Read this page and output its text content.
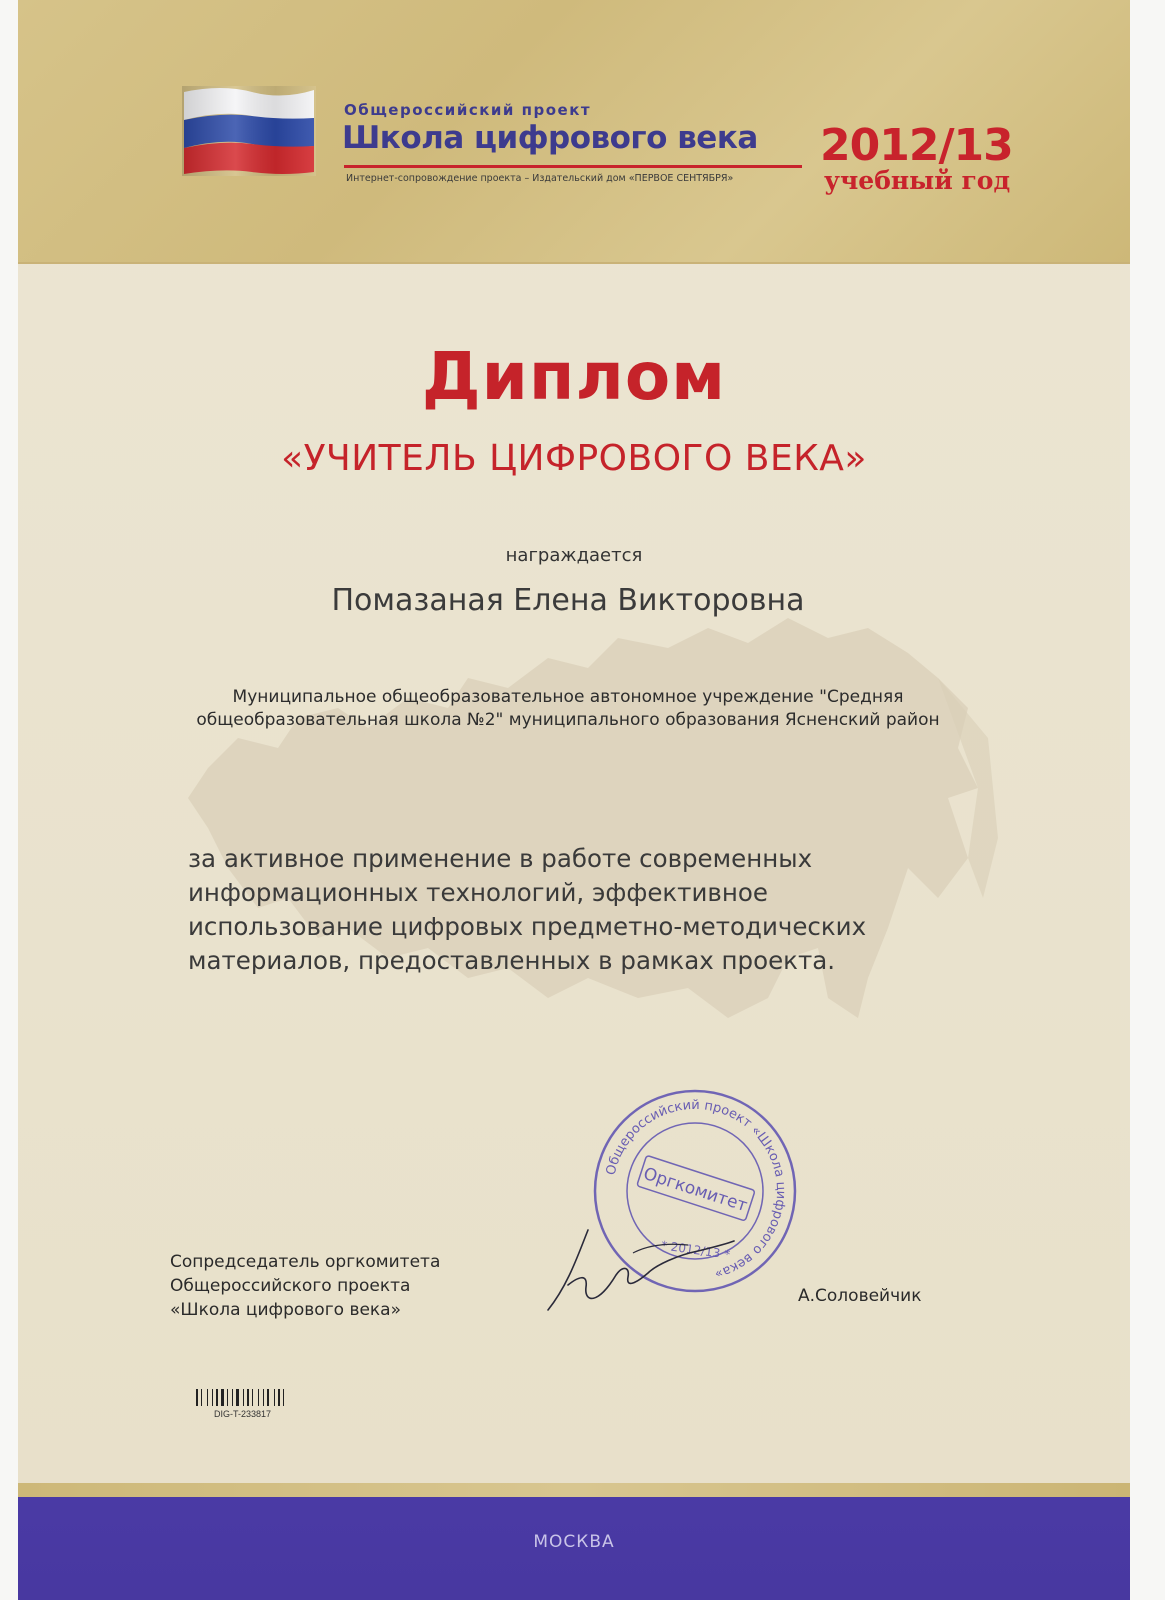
Общероссийский проект
Школа цифрового века
Интернет-сопровождение проекта – Издательский дом «ПЕРВОЕ СЕНТЯБРЯ»
2012/13
учебный год
Диплом
«УЧИТЕЛЬ ЦИФРОВОГО ВЕКА»
награждается
Помазаная Елена Викторовна
Муниципальное общеобразовательное автономное учреждение "Средняя
общеобразовательная школа №2" муниципального образования Ясненский район
за активное применение в работе современных
информационных технологий, эффективное
использование цифровых предметно-методических
материалов, предоставленных в рамках проекта.
Сопредседатель оргкомитета
Общероссийского проекта
«Школа цифрового века»
Общероссийский проект «Школа цифрового века»
Оргкомитет
* 2012/13 *
А.Соловейчик
DIG-T-233817
МОСКВА
